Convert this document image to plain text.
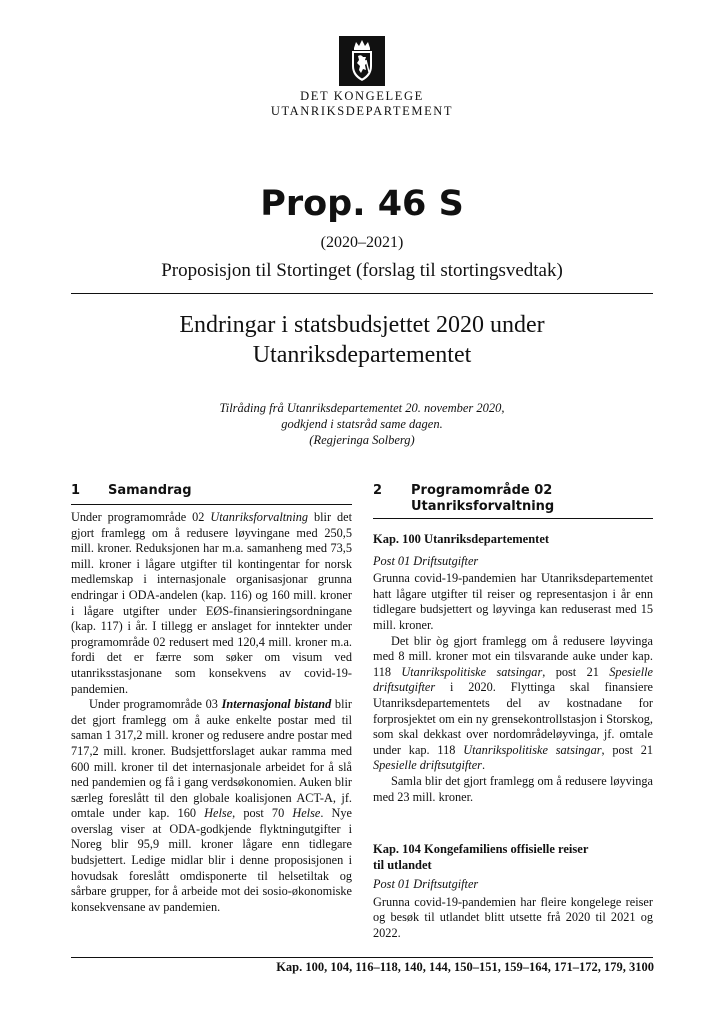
DET KONGELEGE
UTANRIKSDEPARTEMENT
Prop. 46 S
(2020–2021)
Proposisjon til Stortinget (forslag til stortingsvedtak)
Endringar i statsbudsjettet 2020 under
Utanriksdepartementet
Tilråding frå Utanriksdepartementet 20. november 2020,
godkjend i statsråd same dagen.
(Regjeringa Solberg)
1 Samandrag

Under programområde 02 Utanriksforvaltning blir det gjort framlegg om å redusere løyvingane med 250,5 mill. kroner. Reduksjonen har m.a. samanheng med 73,5 mill. kroner i lågare utgifter til kontingentar for norsk medlemskap i internasjonale organisasjonar grunna endringar i ODA-andelen (kap. 116) og 160 mill. kroner i lågare utgifter under EØS-finansieringsordningane (kap. 117) i år. I tillegg er anslaget for inntekter under programområde 02 redusert med 120,4 mill. kroner m.a. fordi det er færre som søker om visum ved utanriksstasjonane som konsekvens av covid-19-pandemien.

Under programområde 03 Internasjonal bistand blir det gjort framlegg om å auke enkelte postar med til saman 1 317,2 mill. kroner og redusere andre postar med 717,2 mill. kroner. Budsjettforslaget aukar ramma med 600 mill. kroner til det internasjonale arbeidet for å slå ned pandemien og få i gang verdsøkonomien. Auken blir særleg foreslått til den globale koalisjonen ACT-A, jf. omtale under kap. 160 Helse, post 70 Helse. Nye overslag viser at ODA-godkjende flyktningutgifter i Noreg blir 95,9 mill. kroner lågare enn tidlegare budsjettert. Ledige midlar blir i denne proposisjonen i hovudsak foreslått omdisponerte til helsetiltak og sårbare grupper, for å arbeide mot dei sosio-økonomiske konsekvensane av pandemien.

2 Programområde 02
Utanriksforvaltning

Kap. 100 Utanriksdepartementet

Post 01 Driftsutgifter

Grunna covid-19-pandemien har Utanriksdepartementet hatt lågare utgifter til reiser og representasjon i år enn tidlegare budsjettert og løyvinga kan reduserast med 15 mill. kroner.

Det blir òg gjort framlegg om å redusere løyvinga med 8 mill. kroner mot ein tilsvarande auke under kap. 118 Utanrikspolitiske satsingar, post 21 Spesielle driftsutgifter i 2020. Flyttinga skal finansiere Utanriksdepartementets del av kostnadane for forprosjektet om ein ny grensekontrollstasjon i Storskog, som skal dekkast over nordområdeløyvinga, jf. omtale under kap. 118 Utanrikspolitiske satsingar, post 21 Spesielle driftsutgifter.

Samla blir det gjort framlegg om å redusere løyvinga med 23 mill. kroner.

Kap. 104 Kongefamiliens offisielle reiser

til utlandet

Post 01 Driftsutgifter

Grunna covid-19-pandemien har fleire kongelege reiser og besøk til utlandet blitt utsette frå 2020 til 2021 og 2022.

Kap. 100, 104, 116–118, 140, 144, 150–151, 159–164, 171–172, 179, 3100
